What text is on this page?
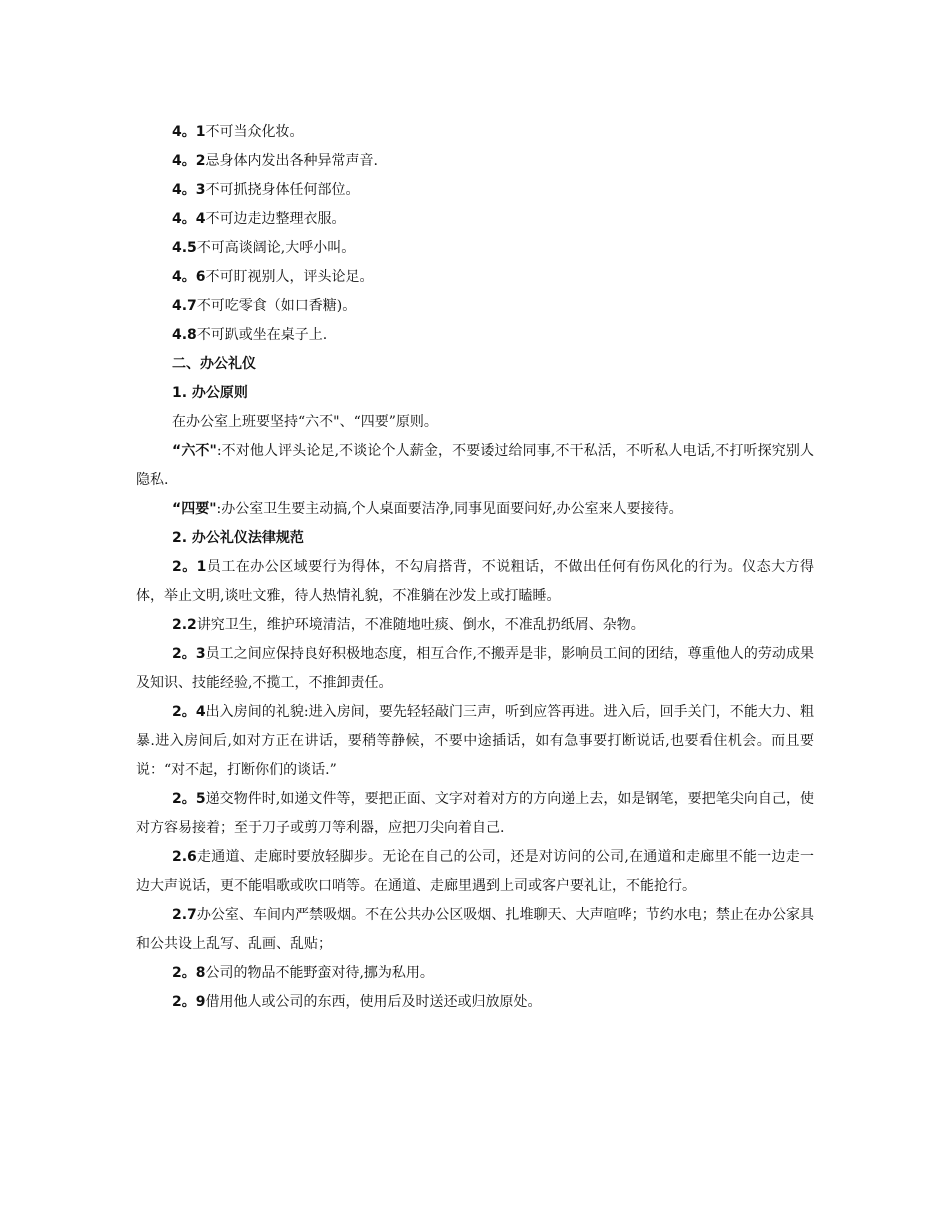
4。1不可当众化妆。

4。2忌身体内发出各种异常声音.

4。3不可抓挠身体任何部位。

4。4不可边走边整理衣服。

4.5不可高谈阔论,大呼小叫。

4。6不可盯视别人，评头论足。

4.7不可吃零食（如口香糖)。

4.8不可趴或坐在桌子上.

二、办公礼仪

1. 办公原则

在办公室上班要坚持“六不"、“四要”原则。

“六不":不对他人评头论足,不谈论个人薪金，不要诿过给同事,不干私活，不听私人电话,不打听探究别人隐私.

“四要":办公室卫生要主动搞,个人桌面要洁净,同事见面要问好,办公室来人要接待。

2. 办公礼仪法律规范

2。1员工在办公区域要行为得体，不勾肩搭背，不说粗话，不做出任何有伤风化的行为。仪态大方得体，举止文明,谈吐文雅，待人热情礼貌，不准躺在沙发上或打瞌睡。

2.2讲究卫生，维护环境清洁，不准随地吐痰、倒水，不准乱扔纸屑、杂物。

2。3员工之间应保持良好积极地态度，相互合作,不搬弄是非，影响员工间的团结，尊重他人的劳动成果及知识、技能经验,不揽工，不推卸责任。

2。4出入房间的礼貌:进入房间，要先轻轻敲门三声，听到应答再进。进入后，回手关门，不能大力、粗暴.进入房间后,如对方正在讲话，要稍等静候，不要中途插话，如有急事要打断说话,也要看住机会。而且要说：“对不起，打断你们的谈话.”

2。5递交物件时,如递文件等，要把正面、文字对着对方的方向递上去，如是钢笔，要把笔尖向自己，使对方容易接着；至于刀子或剪刀等利器，应把刀尖向着自己.

2.6走通道、走廊时要放轻脚步。无论在自己的公司，还是对访问的公司,在通道和走廊里不能一边走一边大声说话，更不能唱歌或吹口哨等。在通道、走廊里遇到上司或客户要礼让，不能抢行。

2.7办公室、车间内严禁吸烟。不在公共办公区吸烟、扎堆聊天、大声喧哗；节约水电；禁止在办公家具和公共设上乱写、乱画、乱贴；

2。8公司的物品不能野蛮对待,挪为私用。

2。9借用他人或公司的东西，使用后及时送还或归放原处。
